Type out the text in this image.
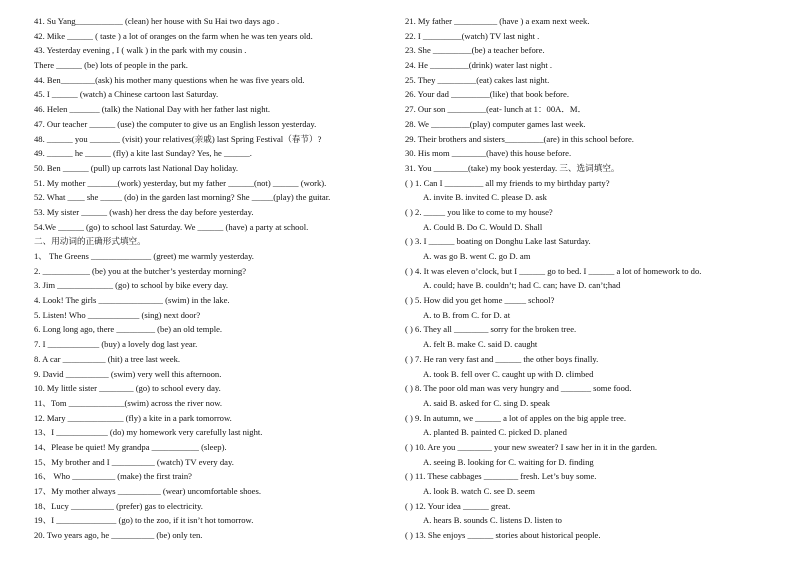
41. Su Yang___________ (clean) her house with Su Hai two days ago .
42. Mike ______ ( taste ) a lot of oranges on the farm when he was ten years old.
43. Yesterday evening , I ( walk ) in the park with my cousin .
There ______ (be) lots of people in the park.
44. Ben________(ask) his mother many questions when he was five years old.
45. I ______ (watch) a Chinese cartoon last Saturday.
46. Helen _______ (talk) the National Day with her father last night.
47. Our teacher ______ (use) the computer to give us an English lesson yesterday.
48. ______ you _______ (visit) your relatives(亲戚) last Spring Festival（春节）?
49. ______ he ______ (fly) a kite last Sunday? Yes, he ______.
50. Ben ______ (pull) up carrots last National Day holiday.
51. My mother _______(work) yesterday, but my father ______(not) ______ (work).
52. What ____ she _____ (do) in the garden last morning? She _____(play) the guitar.
53. My sister ______ (wash) her dress the day before yesterday.
54.We ______ (go) to school last Saturday. We ______ (have) a party at school.
二、用动词的正确形式填空。
1、 The Greens ______________ (greet) me warmly yesterday.
2. ___________ (be) you at the butcher’s yesterday morning?
3. Jim _____________ (go) to school by bike every day.
4. Look! The girls _______________ (swim) in the lake.
5. Listen! Who ____________ (sing) next door?
6. Long long ago, there _________ (be) an old temple.
7. I ____________ (buy) a lovely dog last year.
8. A car __________ (hit) a tree last week.
9. David __________ (swim) very well this afternoon.
10. My little sister ________ (go) to school every day.
11、Tom _____________(swim) across the river now.
12. Mary _____________ (fly) a kite in a park tomorrow.
13、I ____________ (do) my homework very carefully last night.
14、Please be quiet! My grandpa ___________ (sleep).
15、My brother and I __________ (watch) TV every day.
16、 Who __________ (make) the first train?
17、My mother always __________ (wear) uncomfortable shoes.
18、Lucy __________ (prefer) gas to electricity.
19、I ______________ (go) to the zoo, if it isn’t hot tomorrow.
20. Two years ago, he __________ (be) only ten.
21. My father __________ (have ) a exam next week.
22. I _________(watch) TV last night .
23. She _________(be) a teacher before.
24. He _________(drink) water last night .
25. They _________(eat) cakes last night.
26. Your dad _________(like) that book before.
27. Our son _________(eat- lunch at 1：00A．M．
28. We _________(play) computer games last week.
29. Their brothers and sisters_________(are) in this school before.
30. His mom ________(have) this house before.
31. You ________(take) my book yesterday. 三、选词填空。
( ) 1. Can I _________ all my friends to my birthday party?
A. invite B. invited C. please D. ask
( ) 2. _____ you like to come to my house?
A. Could B. Do C. Would D. Shall
( ) 3. I ______ boating on Donghu Lake last Saturday.
A. was go B. went C. go D. am
( ) 4. It was eleven o’clock, but I ______ go to bed. I ______ a lot of homework to do.
A. could; have B. couldn’t; had C. can; have D. can’t;had
( ) 5. How did you get home _____ school?
A. to B. from C. for D. at
( ) 6. They all ________ sorry for the broken tree.
A. felt B. make C. said D. caught
( ) 7. He ran very fast and ______ the other boys finally.
A. took B. fell over C. caught up with D. climbed
( ) 8. The poor old man was very hungry and _______ some food.
A. said B. asked for C. sing D. speak
( ) 9. In autumn, we ______ a lot of apples on the big apple tree.
A. planted B. painted C. picked D. planed
( ) 10. Are you ________ your new sweater? I saw her in it in the garden.
A. seeing B. looking for C. waiting for D. finding
( ) 11. These cabbages ________ fresh. Let’s buy some.
A. look B. watch C. see D. seem
( ) 12. Your idea ______ great.
A. hears B. sounds C. listens D. listen to
( ) 13. She enjoys ______ stories about historical people.
